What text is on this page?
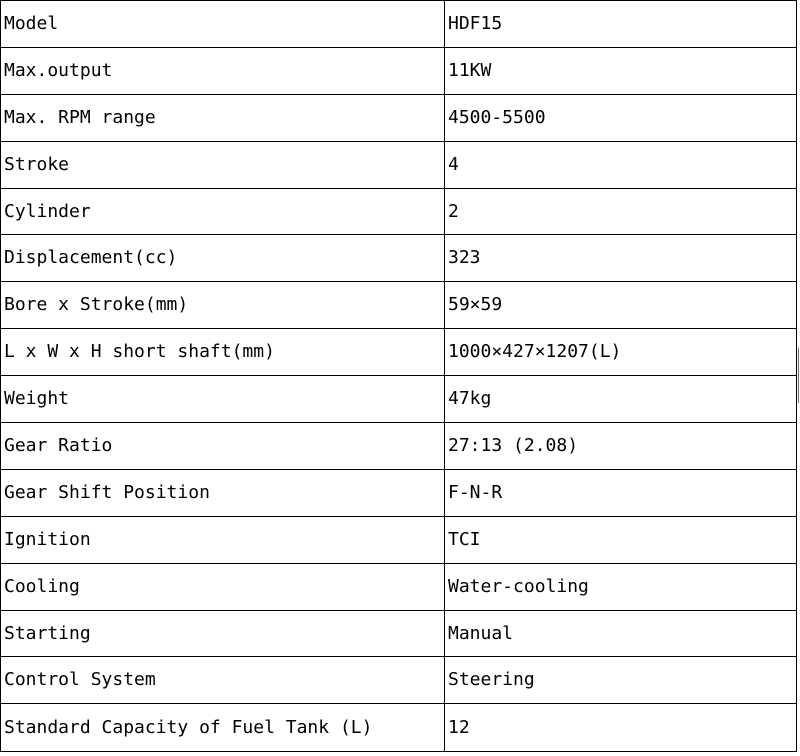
Model	HDF15
Max.output	11KW
Max. RPM range	4500-5500
Stroke	4
Cylinder	2
Displacement(cc)	323
Bore x Stroke(mm)	59×59
L x W x H short shaft(mm)	1000×427×1207(L)
Weight	47kg
Gear Ratio	27:13 (2.08)
Gear Shift Position	F-N-R
Ignition	TCI
Cooling	Water-cooling
Starting	Manual
Control System	Steering
Standard Capacity of Fuel Tank (L)	12
